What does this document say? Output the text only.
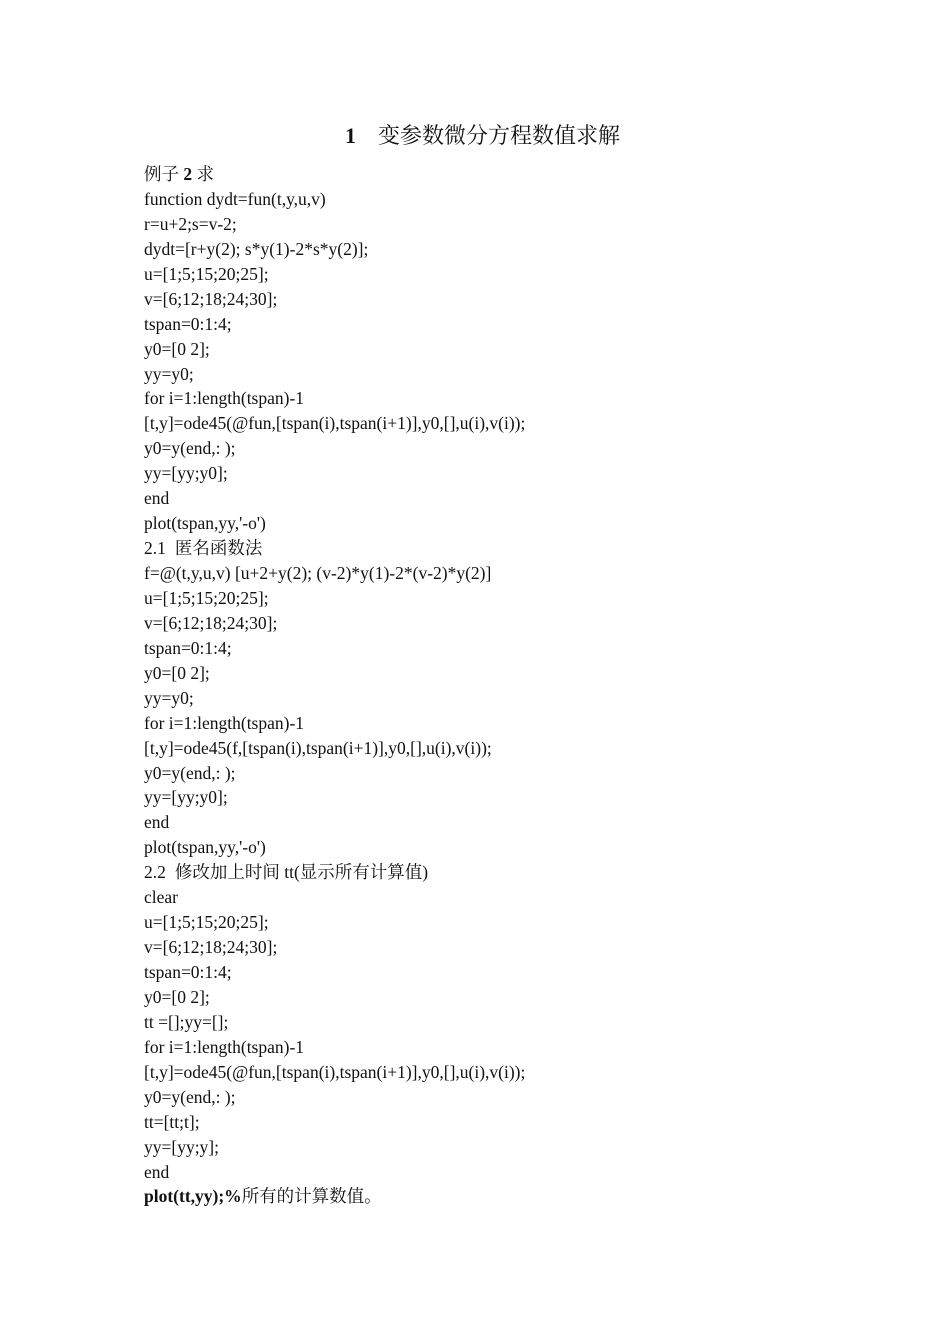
1 变参数微分方程数值求解
例子 2 求
function dydt=fun(t,y,u,v)
r=u+2;s=v-2;
dydt=[r+y(2); s*y(1)-2*s*y(2)];
u=[1;5;15;20;25];
v=[6;12;18;24;30];
tspan=0:1:4;
y0=[0 2];
yy=y0;
for i=1:length(tspan)-1
[t,y]=ode45(@fun,[tspan(i),tspan(i+1)],y0,[],u(i),v(i));
y0=y(end,: );
yy=[yy;y0];
end
plot(tspan,yy,'-o')
2.1 匿名函数法
f=@(t,y,u,v) [u+2+y(2); (v-2)*y(1)-2*(v-2)*y(2)]
u=[1;5;15;20;25];
v=[6;12;18;24;30];
tspan=0:1:4;
y0=[0 2];
yy=y0;
for i=1:length(tspan)-1
[t,y]=ode45(f,[tspan(i),tspan(i+1)],y0,[],u(i),v(i));
y0=y(end,: );
yy=[yy;y0];
end
plot(tspan,yy,'-o')
2.2 修改加上时间 tt(显示所有计算值)
clear
u=[1;5;15;20;25];
v=[6;12;18;24;30];
tspan=0:1:4;
y0=[0 2];
tt =[];yy=[];
for i=1:length(tspan)-1
[t,y]=ode45(@fun,[tspan(i),tspan(i+1)],y0,[],u(i),v(i));
y0=y(end,: );
tt=[tt;t];
yy=[yy;y];
end
plot(tt,yy);%所有的计算数值。
